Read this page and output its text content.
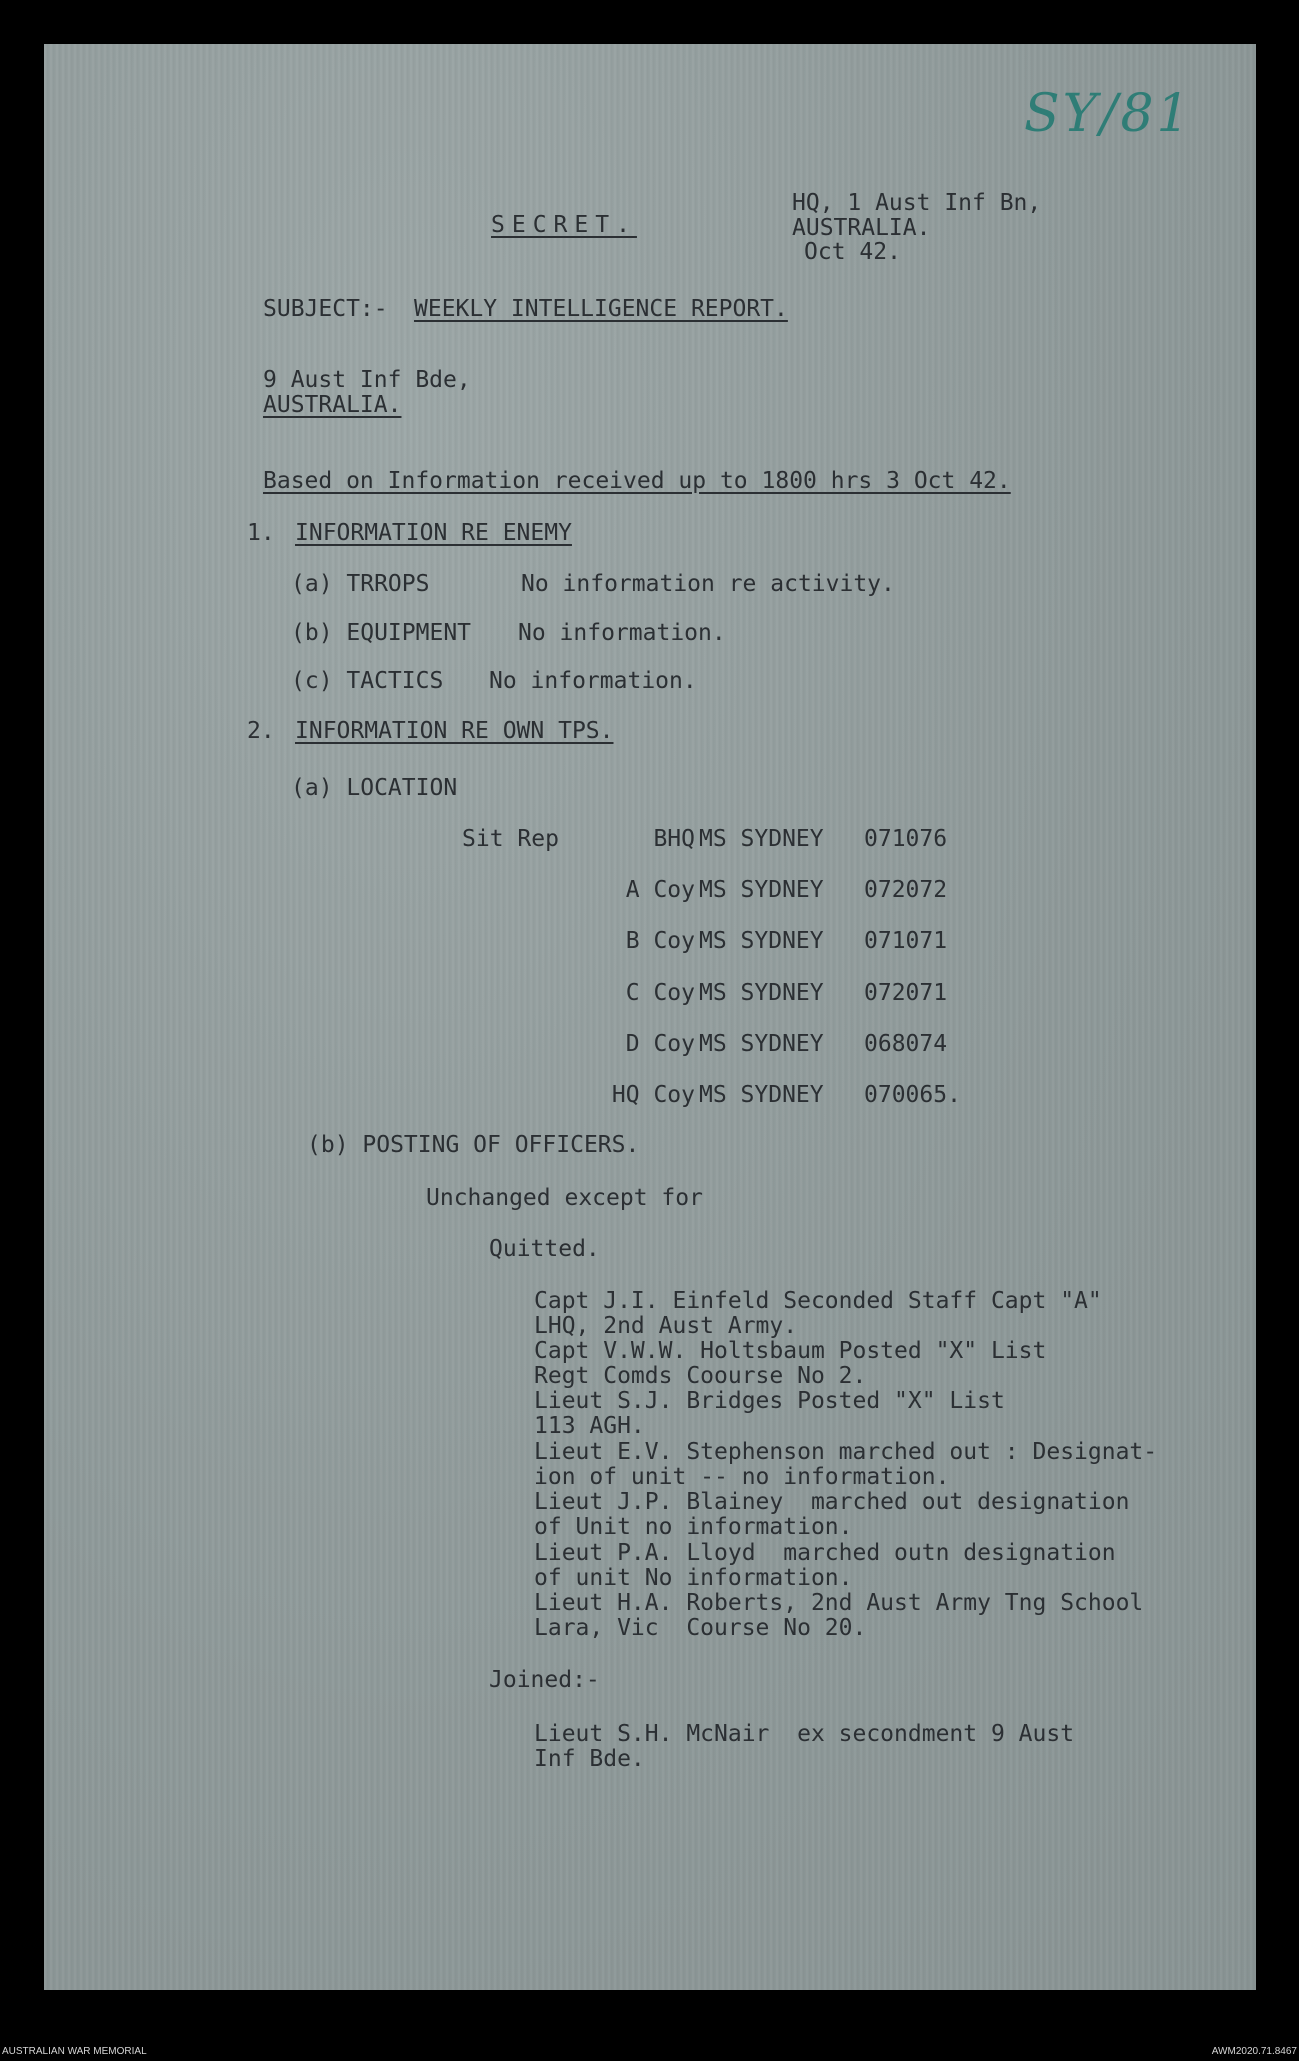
SY/81
SECRET.
HQ, 1 Aust Inf Bn,
AUSTRALIA.
Oct 42.
SUBJECT:- WEEKLY INTELLIGENCE REPORT.
9 Aust Inf Bde,
AUSTRALIA.
Based on Information received up to 1800 hrs 3 Oct 42.
1. INFORMATION RE ENEMY
(a) TRROPS	No information re activity.
(b) EQUIPMENT No information.
(c) TACTICS No information.
2. INFORMATION RE OWN TPS.
(a) LOCATION
Sit Rep	BHQ MS SYDNEY 071076
A Coy MS SYDNEY 072072
B Coy MS SYDNEY 071071
C Coy MS SYDNEY 072071
D Coy MS SYDNEY 068074
HQ Coy MS SYDNEY 070065.
(b) POSTING OF OFFICERS.
Unchanged except for
Quitted.
Capt J.I. Einfeld Seconded Staff Capt "A"
LHQ, 2nd Aust Army.
Capt V.W.W. Holtsbaum Posted "X" List
Regt Comds Coourse No 2.
Lieut S.J. Bridges Posted "X" List
113 AGH.
Lieut E.V. Stephenson marched out : Designat-
ion of unit -- no information.
Lieut J.P. Blainey  marched out designation
of Unit no information.
Lieut P.A. Lloyd  marched outn designation
of unit No information.
Lieut H.A. Roberts, 2nd Aust Army Tng School
Lara, Vic  Course No 20.
Joined:-
Lieut S.H. McNair  ex secondment 9 Aust
Inf Bde.
AUSTRALIAN WAR MEMORIAL	AWM2020.71.8467
